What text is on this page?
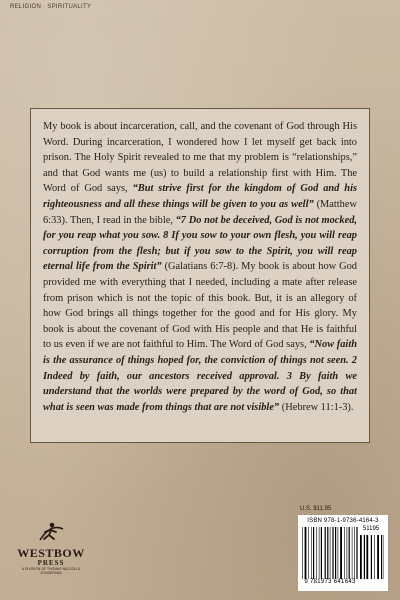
RELIGION · SPIRITUALITY
My book is about incarceration, call, and the covenant of God through His Word. During incarceration, I wondered how I let myself get back into prison. The Holy Spirit revealed to me that my problem is “relationships,” and that God wants me (us) to build a relationship first with Him. The Word of God says, “But strive first for the kingdom of God and his righteousness and all these things will be given to you as well” (Matthew 6:33). Then, I read in the bible, “7 Do not be deceived, God is not mocked, for you reap what you sow. 8 If you sow to your own flesh, you will reap corruption from the flesh; but if you sow to the Spirit, you will reap eternal life from the Spirit” (Galatians 6:7-8). My book is about how God provided me with everything that I needed, including a mate after release from prison which is not the topic of this book. But, it is an allegory of how God brings all things together for the good and for His glory. My book is about the covenant of God with His people and that He is faithful to us even if we are not faithful to Him. The Word of God says, “Now faith is the assurance of things hoped for, the conviction of things not seen. 2 Indeed by faith, our ancestors received approval. 3 By faith we understand that the worlds were prepared by the word of God, so that what is seen was made from things that are not visible” (Hebrew 11:1-3).
U.S. $11.95
ISBN 978-1-9736-4164-3
51195
9 781973 641643
WESTBOW
PRESS
A DIVISION OF THOMAS NELSON & ZONDERVAN
